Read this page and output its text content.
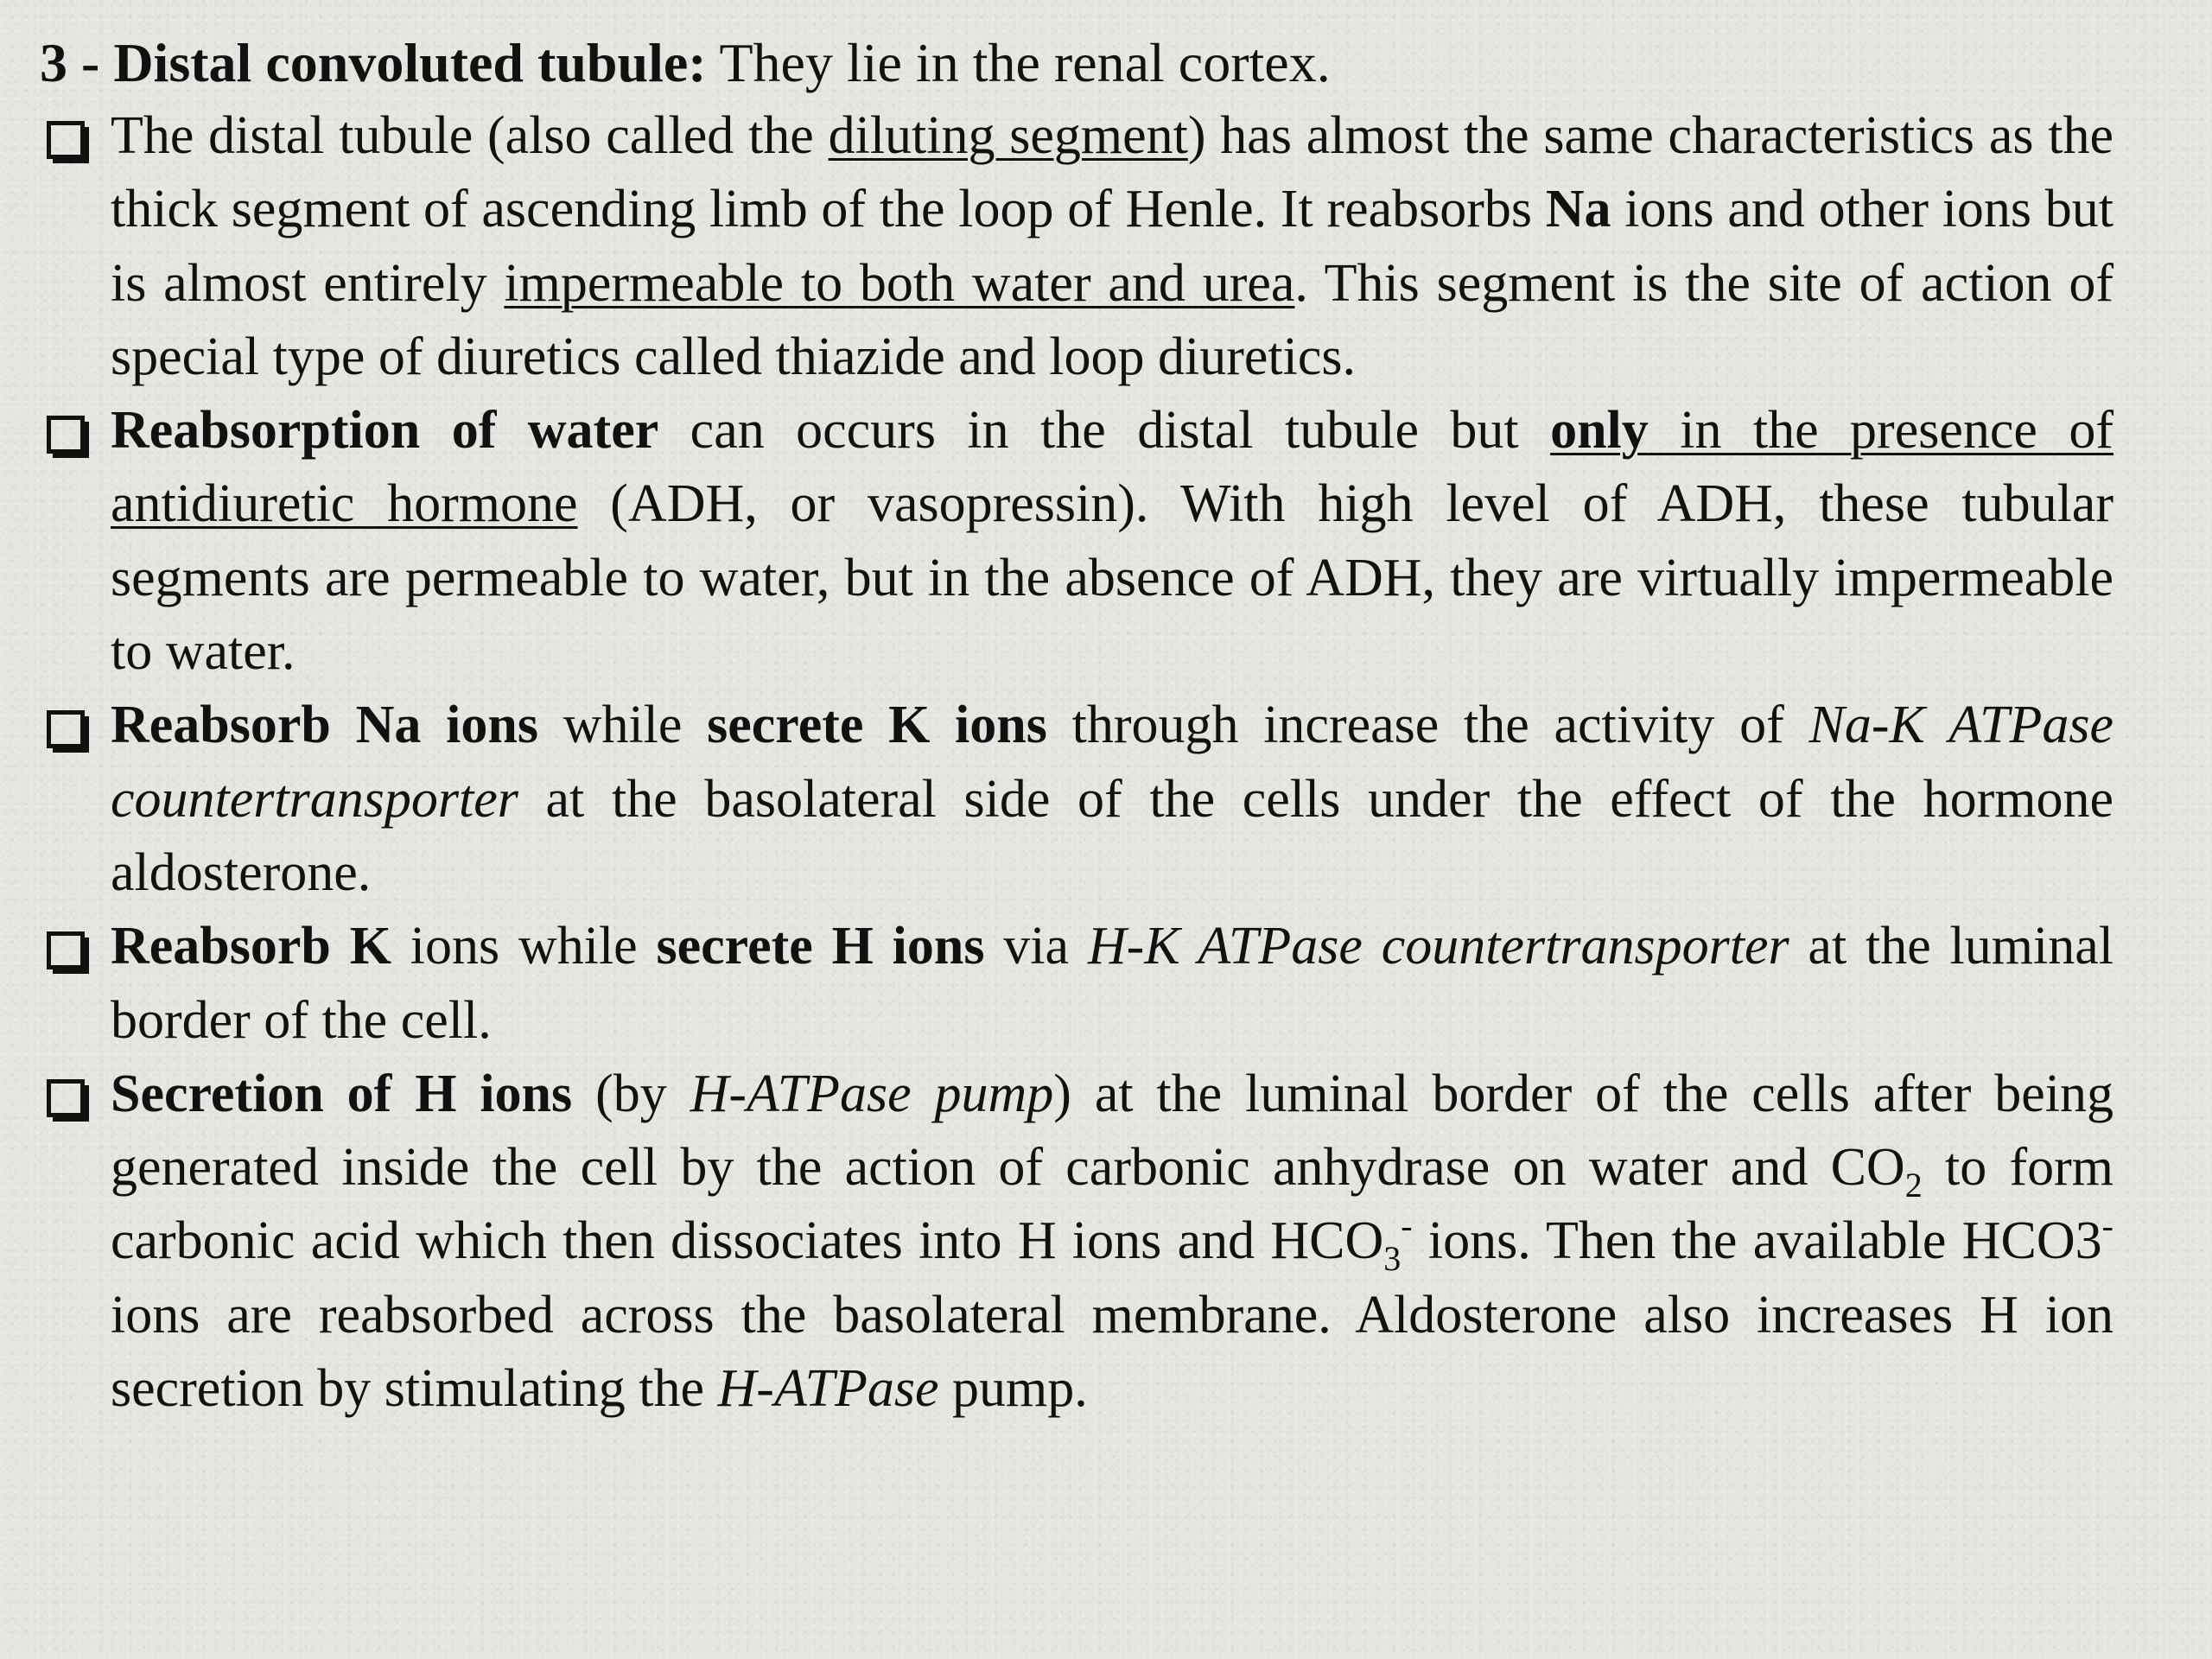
3 - Distal convoluted tubule: They lie in the renal cortex.

The distal tubule (also called the diluting segment) has almost the same characteristics as the thick segment of ascending limb of the loop of Henle. It reabsorbs Na ions and other ions but is almost entirely impermeable to both water and urea. This segment is the site of action of special type of diuretics called thiazide and loop diuretics.
Reabsorption of water can occurs in the distal tubule but only in the presence of antidiuretic hormone (ADH, or vasopressin). With high level of ADH, these tubular segments are permeable to water, but in the absence of ADH, they are virtually impermeable to water.
Reabsorb Na ions while secrete K ions through increase the activity of Na-K ATPase countertransporter at the basolateral side of the cells under the effect of the hormone aldosterone.
Reabsorb K ions while secrete H ions via H-K ATPase countertransporter at the luminal border of the cell.
Secretion of H ions (by H-ATPase pump) at the luminal border of the cells after being generated inside the cell by the action of carbonic anhydrase on water and $CO_2$ to form carbonic acid which then dissociates into H ions and $HCO_3^-$ ions. Then the available HCO3- ions are reabsorbed across the basolateral membrane. Aldosterone also increases H ion secretion by stimulating the H-ATPase pump.
